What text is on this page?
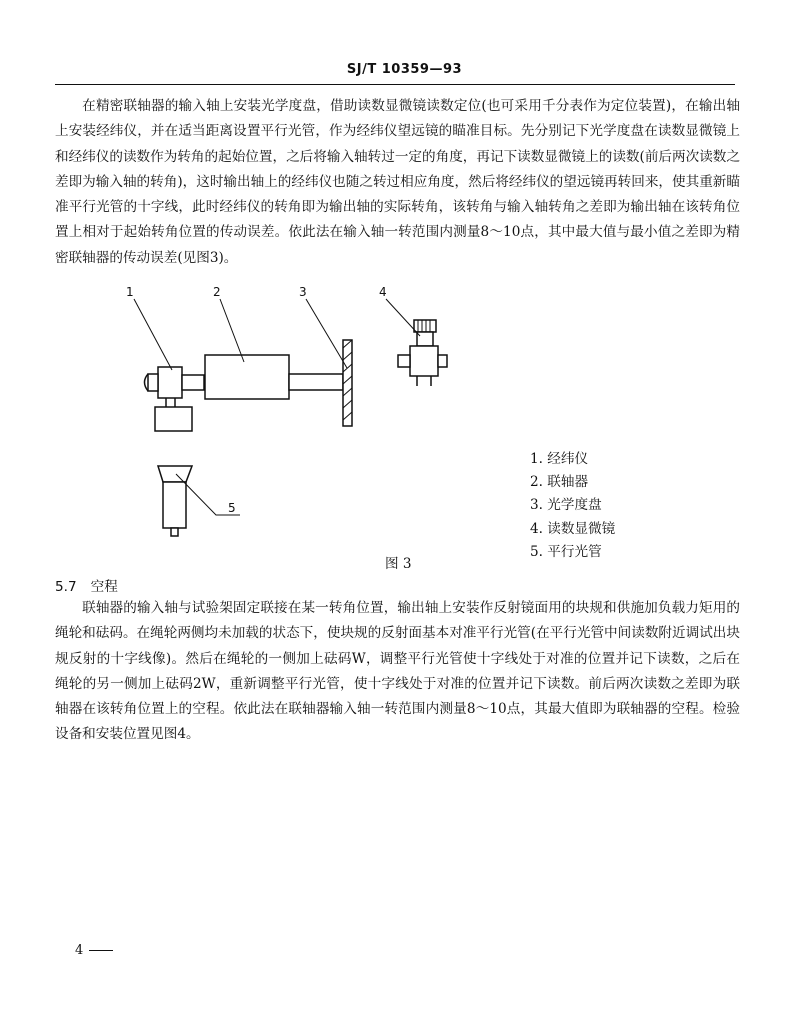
SJ/T 10359—93

在精密联轴器的输入轴上安装光学度盘，借助读数显微镜读数定位(也可采用千分表作为定位装置)，在输出轴上安装经纬仪，并在适当距离设置平行光管，作为经纬仪望远镜的瞄准目标。先分别记下光学度盘在读数显微镜上和经纬仪的读数作为转角的起始位置，之后将输入轴转过一定的角度，再记下读数显微镜上的读数(前后两次读数之差即为输入轴的转角)，这时输出轴上的经纬仪也随之转过相应角度，然后将经纬仪的望远镜再转回来，使其重新瞄准平行光管的十字线，此时经纬仪的转角即为输出轴的实际转角，该转角与输入轴转角之差即为输出轴在该转角位置上相对于起始转角位置的传动误差。依此法在输入轴一转范围内测量8～10点，其中最大值与最小值之差即为精密联轴器的传动误差(见图3)。

1	2	3	4
5
1. 经纬仪
2. 联轴器
3. 光学度盘
4. 读数显微镜
5. 平行光管
图 3
5.7 空程

联轴器的输入轴与试验架固定联接在某一转角位置，输出轴上安装作反射镜面用的块规和供施加负载力矩用的绳轮和砝码。在绳轮两侧均未加载的状态下，使块规的反射面基本对准平行光管(在平行光管中间读数附近调试出块规反射的十字线像)。然后在绳轮的一侧加上砝码W，调整平行光管使十字线处于对准的位置并记下读数，之后在绳轮的另一侧加上砝码2W，重新调整平行光管，使十字线处于对准的位置并记下读数。前后两次读数之差即为联轴器在该转角位置上的空程。依此法在联轴器输入轴一转范围内测量8～10点，其最大值即为联轴器的空程。检验设备和安装位置见图4。

4
